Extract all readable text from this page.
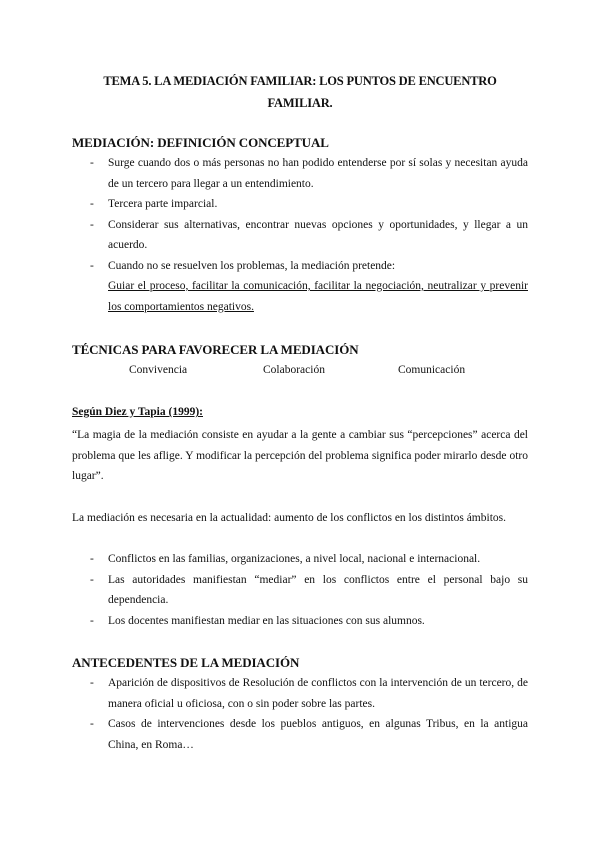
TEMA 5. LA MEDIACIÓN FAMILIAR: LOS PUNTOS DE ENCUENTRO
FAMILIAR.
MEDIACIÓN: DEFINICIÓN CONCEPTUAL
- Surge cuando dos o más personas no han podido entenderse por sí solas y necesitan ayuda de un tercero para llegar a un entendimiento.
- Tercera parte imparcial.
- Considerar sus alternativas, encontrar nuevas opciones y oportunidades, y llegar a un acuerdo.
- Cuando no se resuelven los problemas, la mediación pretende:
Guiar el proceso, facilitar la comunicación, facilitar la negociación, neutralizar y prevenir los comportamientos negativos.
TÉCNICAS PARA FAVORECER LA MEDIACIÓN
Convivencia	Colaboración	Comunicación
Según Diez y Tapia (1999):

“La magia de la mediación consiste en ayudar a la gente a cambiar sus “percepciones” acerca del problema que les aflige. Y modificar la percepción del problema significa poder mirarlo desde otro lugar”.

La mediación es necesaria en la actualidad: aumento de los conflictos en los distintos ámbitos.

- Conflictos en las familias, organizaciones, a nivel local, nacional e internacional.
- Las autoridades manifiestan “mediar” en los conflictos entre el personal bajo su dependencia.
- Los docentes manifiestan mediar en las situaciones con sus alumnos.
ANTECEDENTES DE LA MEDIACIÓN
- Aparición de dispositivos de Resolución de conflictos con la intervención de un tercero, de manera oficial u oficiosa, con o sin poder sobre las partes.
- Casos de intervenciones desde los pueblos antiguos, en algunas Tribus, en la antigua China, en Roma…
